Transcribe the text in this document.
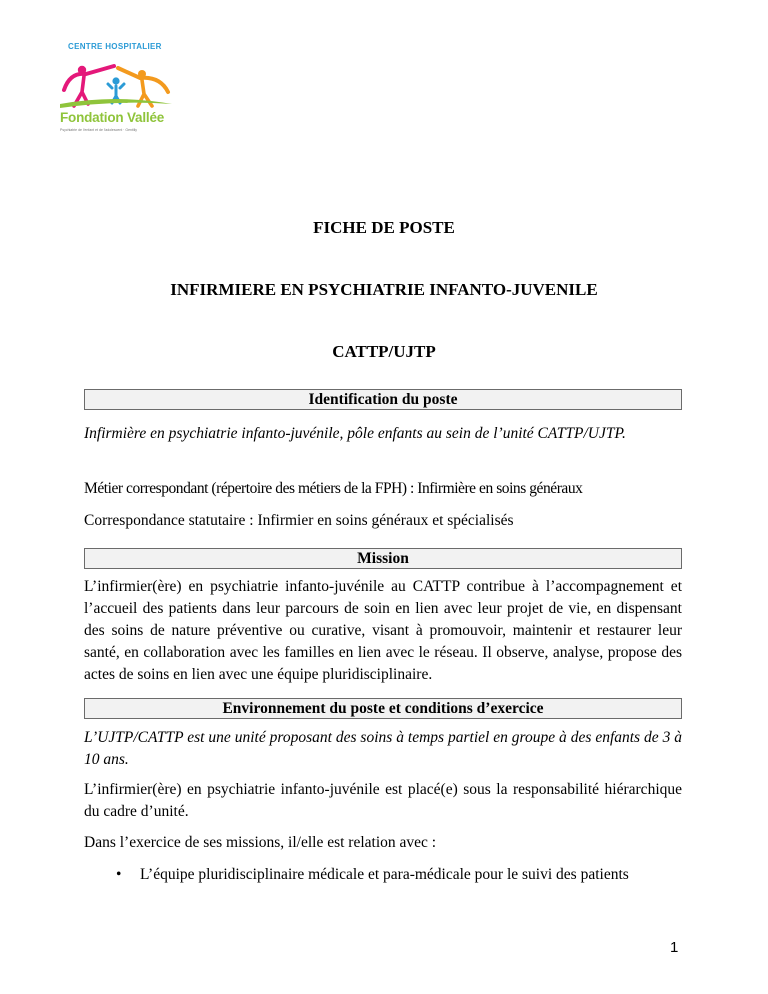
CENTRE HOSPITALIER
Fondation Vallée
Psychiatrie de l'enfant et de l'adolescent · Gentilly
FICHE DE POSTE
INFIRMIERE EN PSYCHIATRIE INFANTO-JUVENILE
CATTP/UJTP
Identification du poste

Infirmière en psychiatrie infanto-juvénile, pôle enfants au sein de l’unité CATTP/UJTP.

Métier correspondant (répertoire des métiers de la FPH) : Infirmière en soins généraux

Correspondance statutaire : Infirmier en soins généraux et spécialisés

Mission

L’infirmier(ère) en psychiatrie infanto-juvénile au CATTP contribue à l’accompagnement et l’accueil des patients dans leur parcours de soin en lien avec leur projet de vie, en dispensant des soins de nature préventive ou curative, visant à promouvoir, maintenir et restaurer leur santé, en collaboration avec les familles en lien avec le réseau. Il observe, analyse, propose des actes de soins en lien avec une équipe pluridisciplinaire.

Environnement du poste et conditions d’exercice

L’UJTP/CATTP est une unité proposant des soins à temps partiel en groupe à des enfants de 3 à 10 ans.

L’infirmier(ère) en psychiatrie infanto-juvénile est placé(e) sous la responsabilité hiérarchique du cadre d’unité.

Dans l’exercice de ses missions, il/elle est relation avec :

• L’équipe pluridisciplinaire médicale et para-médicale pour le suivi des patients
1
